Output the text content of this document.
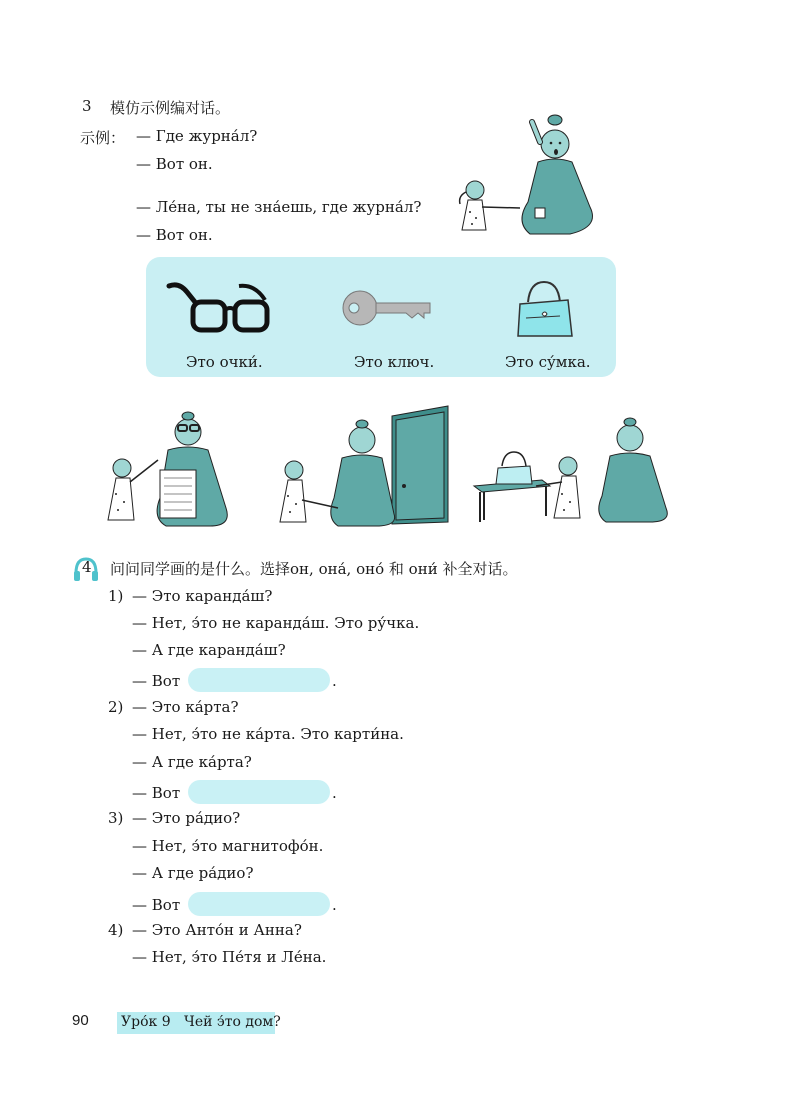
3 模仿示例编对话。
示例： — Где журна́л?
— Вот он.
— Ле́на, ты не зна́ешь, где журна́л?
— Вот он.
Это очки́.	Это ключ.	Это су́мка.
4 问问同学画的是什么。选择он, она́, оно́ 和 они́ 补全对话。
1) — Это каранда́ш?
— Нет, э́то не каранда́ш. Это ру́чка.
— А где каранда́ш?
— Вот	.
2) — Это ка́рта?
— Нет, э́то не ка́рта. Это карти́на.
— А где ка́рта?
— Вот	.
3) — Это ра́дио?
— Нет, э́то магнитофо́н.
— А где ра́дио?
— Вот	.
4) — Это Анто́н и Анна?
— Нет, э́то Пе́тя и Ле́на.
90 Уро́к 9 Чей э́то дом?
